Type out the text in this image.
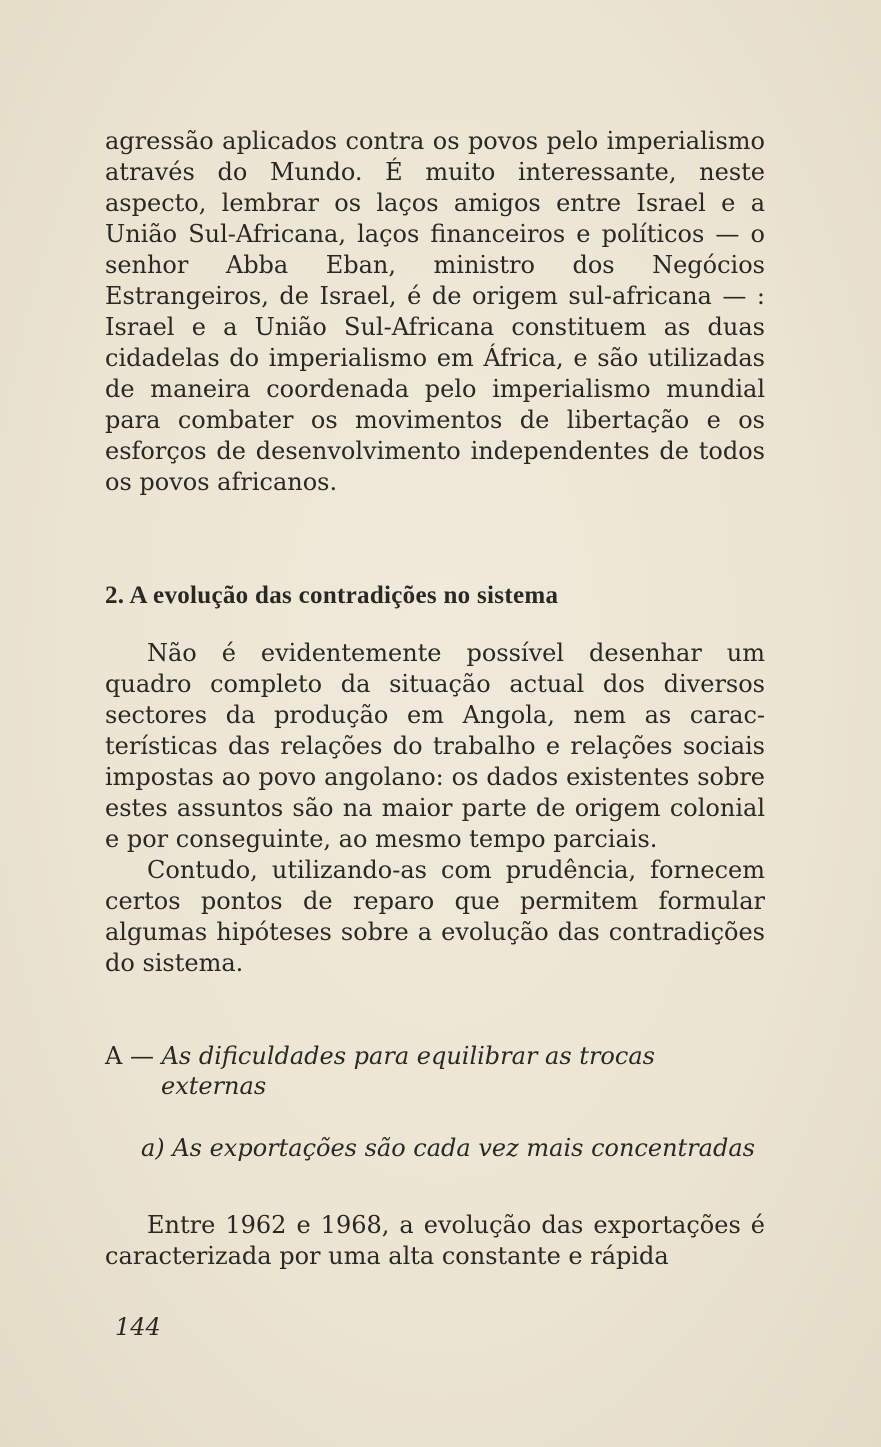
agressão aplicados contra os povos pelo imperialismo através do Mundo. É muito interessante, neste aspecto, lembrar os laços amigos entre Israel e a União Sul-Africana, laços financeiros e políticos — o senhor Abba Eban, ministro dos Negócios Estrangeiros, de Israel, é de origem sul-africana — : Israel e a União Sul-Africana constituem as duas cidadelas do imperialismo em África, e são utilizadas de maneira coordenada pelo imperialismo mundial para combater os movimentos de libertação e os esforços de desenvolvimento independentes de todos os povos africanos.

2. A evolução das contradições no sistema

Não é evidentemente possível desenhar um quadro completo da situação actual dos diversos sectores da produção em Angola, nem as características das relações do trabalho e relações sociais impostas ao povo angolano: os dados existentes sobre estes assuntos são na maior parte de origem colonial e por conseguinte, ao mesmo tempo parciais.

Contudo, utilizando-as com prudência, fornecem certos pontos de reparo que permitem formular algumas hipóteses sobre a evolução das contradições do sistema.

A — As dificuldades para equilibrar as trocas externas
a) As exportações são cada vez mais concentradas

Entre 1962 e 1968, a evolução das exportações é caracterizada por uma alta constante e rápida

144
